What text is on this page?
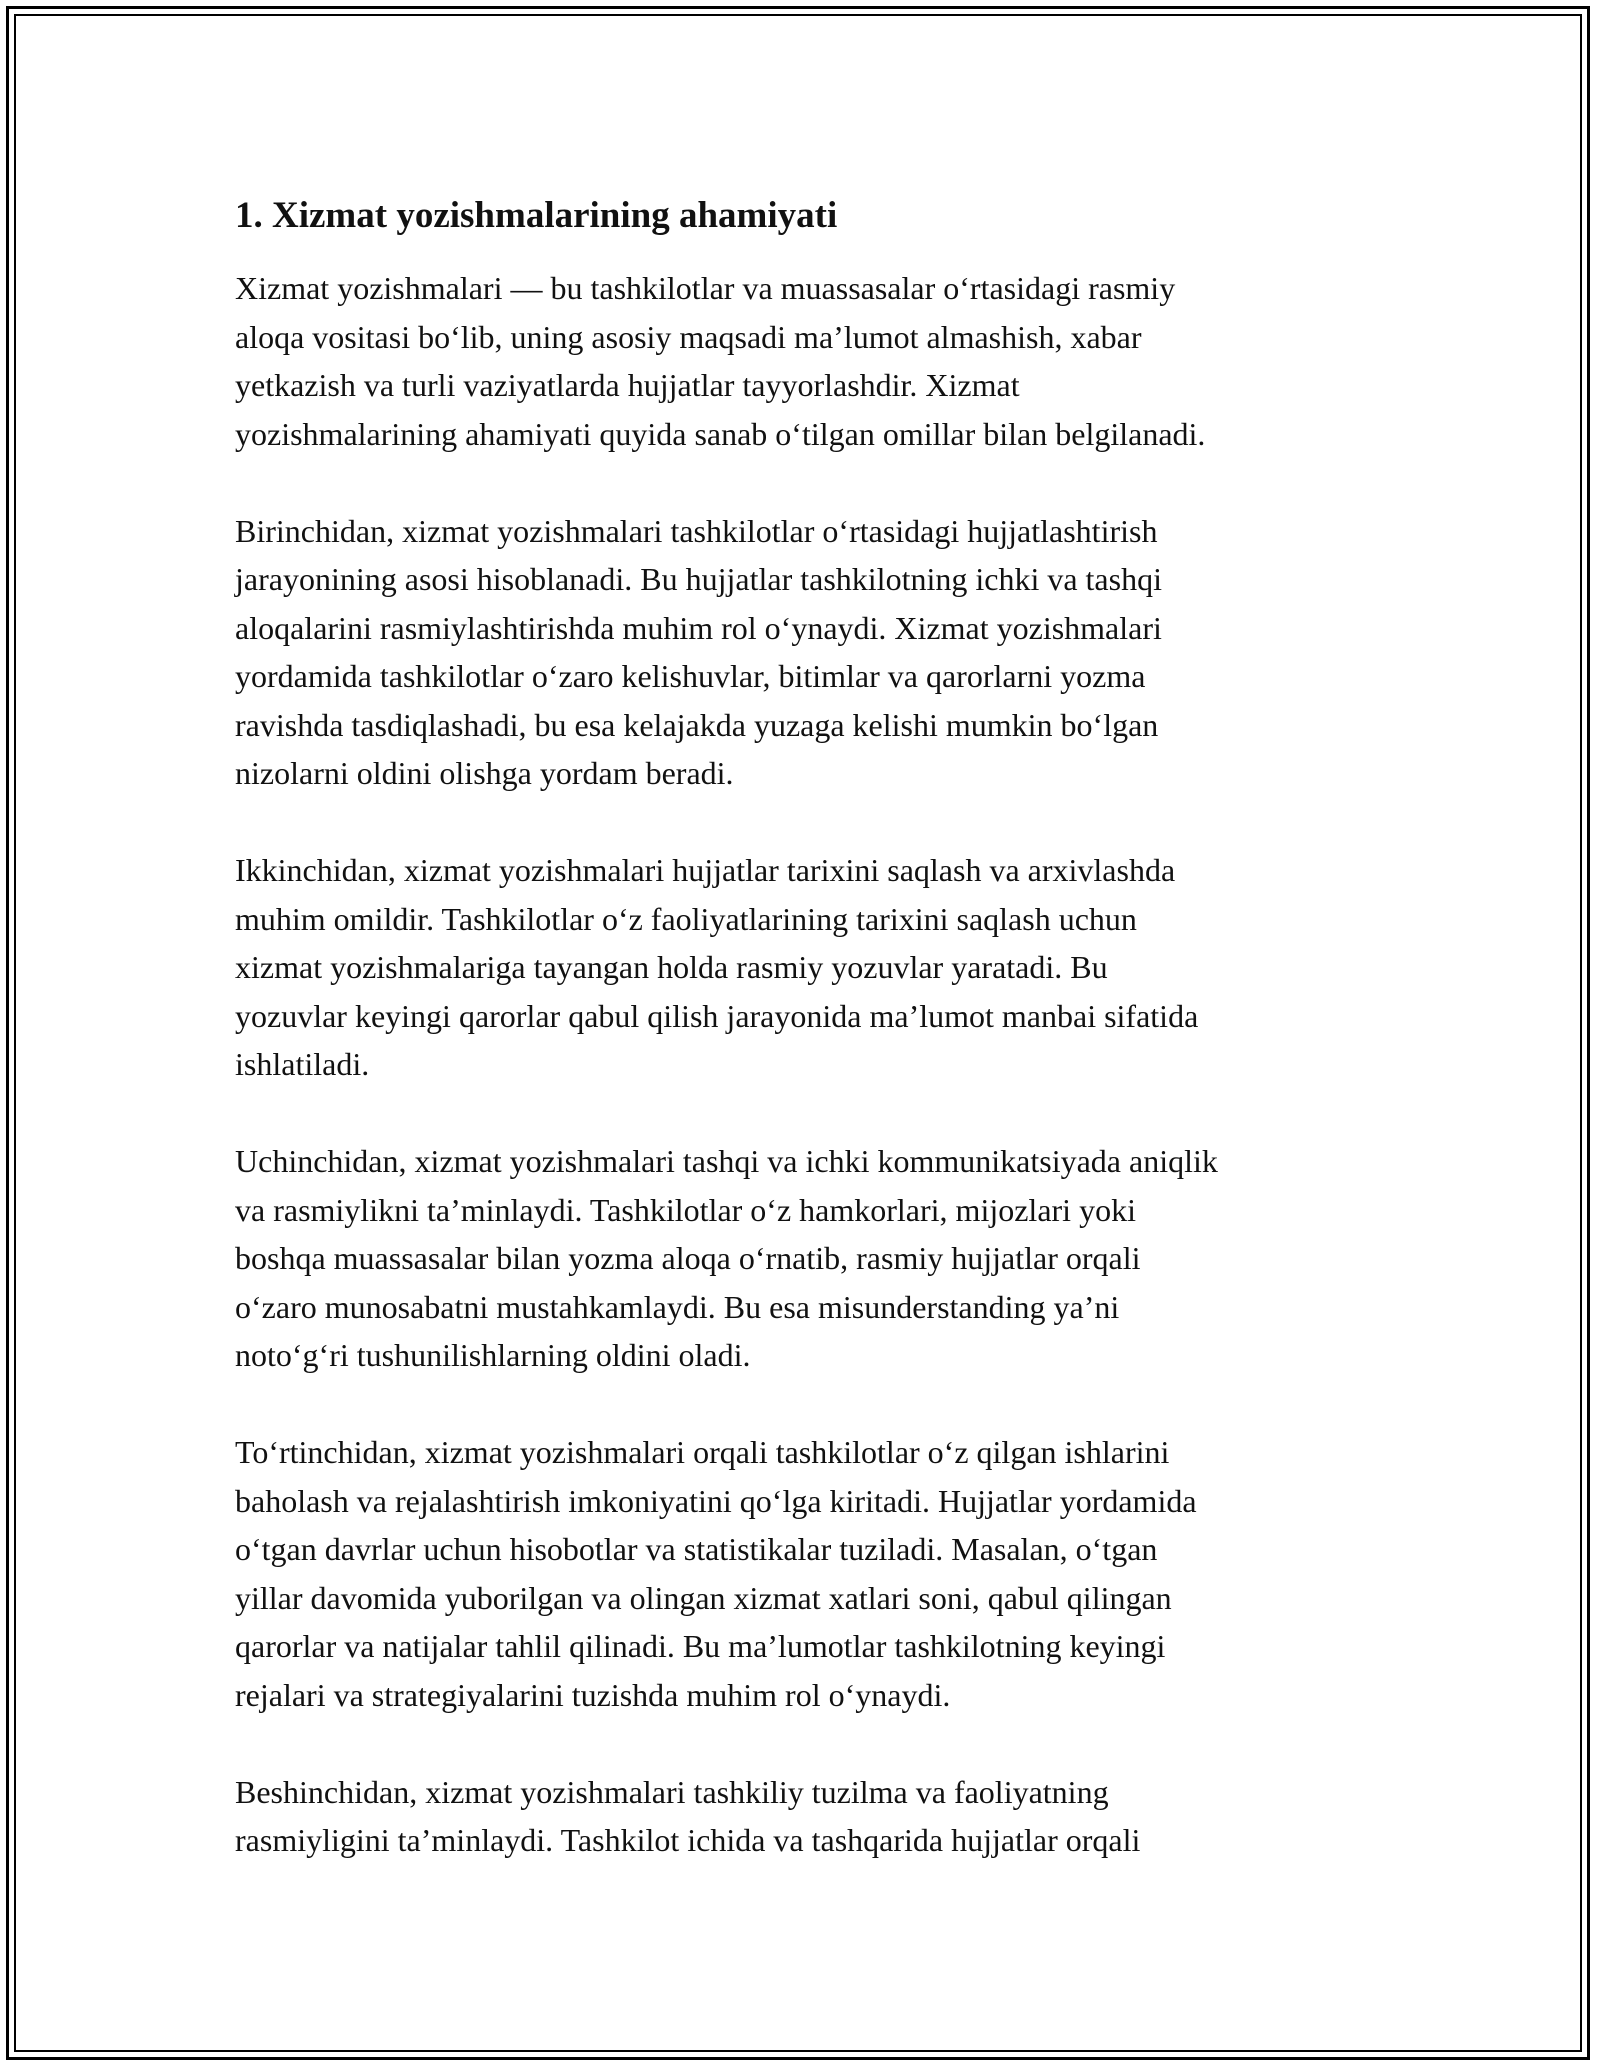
1. Xizmat yozishmalarining ahamiyati

Xizmat yozishmalari — bu tashkilotlar va muassasalar o‘rtasidagi rasmiy
aloqa vositasi bo‘lib, uning asosiy maqsadi ma’lumot almashish, xabar
yetkazish va turli vaziyatlarda hujjatlar tayyorlashdir. Xizmat
yozishmalarining ahamiyati quyida sanab o‘tilgan omillar bilan belgilanadi.

Birinchidan, xizmat yozishmalari tashkilotlar o‘rtasidagi hujjatlashtirish
jarayonining asosi hisoblanadi. Bu hujjatlar tashkilotning ichki va tashqi
aloqalarini rasmiylashtirishda muhim rol o‘ynaydi. Xizmat yozishmalari
yordamida tashkilotlar o‘zaro kelishuvlar, bitimlar va qarorlarni yozma
ravishda tasdiqlashadi, bu esa kelajakda yuzaga kelishi mumkin bo‘lgan
nizolarni oldini olishga yordam beradi.

Ikkinchidan, xizmat yozishmalari hujjatlar tarixini saqlash va arxivlashda
muhim omildir. Tashkilotlar o‘z faoliyatlarining tarixini saqlash uchun
xizmat yozishmalariga tayangan holda rasmiy yozuvlar yaratadi. Bu
yozuvlar keyingi qarorlar qabul qilish jarayonida ma’lumot manbai sifatida
ishlatiladi.

Uchinchidan, xizmat yozishmalari tashqi va ichki kommunikatsiyada aniqlik
va rasmiylikni ta’minlaydi. Tashkilotlar o‘z hamkorlari, mijozlari yoki
boshqa muassasalar bilan yozma aloqa o‘rnatib, rasmiy hujjatlar orqali
o‘zaro munosabatni mustahkamlaydi. Bu esa misunderstanding ya’ni
noto‘g‘ri tushunilishlarning oldini oladi.

To‘rtinchidan, xizmat yozishmalari orqali tashkilotlar o‘z qilgan ishlarini
baholash va rejalashtirish imkoniyatini qo‘lga kiritadi. Hujjatlar yordamida
o‘tgan davrlar uchun hisobotlar va statistikalar tuziladi. Masalan, o‘tgan
yillar davomida yuborilgan va olingan xizmat xatlari soni, qabul qilingan
qarorlar va natijalar tahlil qilinadi. Bu ma’lumotlar tashkilotning keyingi
rejalari va strategiyalarini tuzishda muhim rol o‘ynaydi.

Beshinchidan, xizmat yozishmalari tashkiliy tuzilma va faoliyatning
rasmiyligini ta’minlaydi. Tashkilot ichida va tashqarida hujjatlar orqali
